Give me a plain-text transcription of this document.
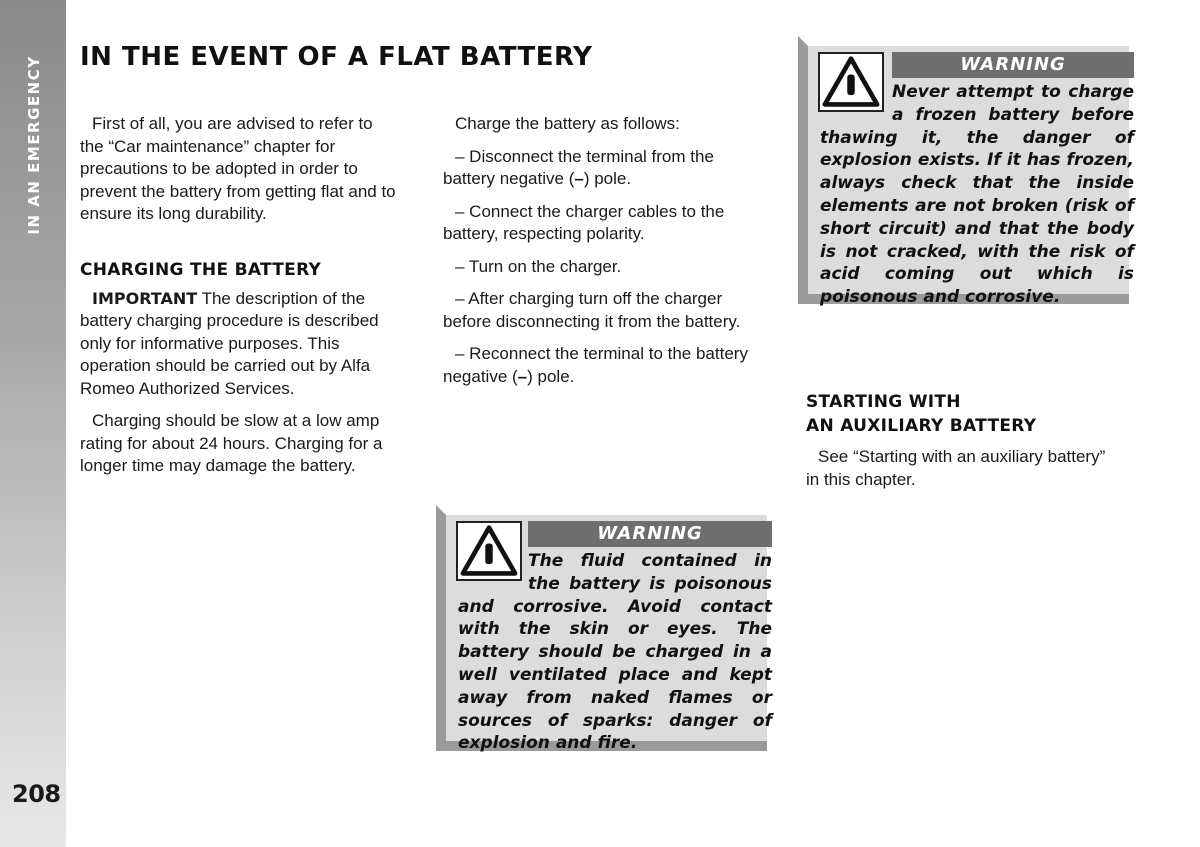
IN AN EMERGENCY
208
IN THE EVENT OF A FLAT BATTERY

First of all, you are advised to refer to the “Car maintenance” chapter for precautions to be adopted in order to prevent the battery from getting flat and to ensure its long durability.

CHARGING THE BATTERY

IMPORTANT The description of the battery charging procedure is described only for informative purposes. This operation should be carried out by Alfa Romeo Authorized Services.

Charging should be slow at a low amp rating for about 24 hours. Charging for a longer time may damage the battery.

Charge the battery as follows:

– Disconnect the terminal from the battery negative (–) pole.

– Connect the charger cables to the battery, respecting polarity.

– Turn on the charger.

– After charging turn off the charger before disconnecting it from the battery.

– Reconnect the terminal to the battery negative (–) pole.

WARNING
Never attempt to charge a frozen battery before thawing it, the danger of explosion exists. If it has frozen, always check that the inside elements are not broken (risk of short circuit) and that the body is not cracked, with the risk of acid coming out which is poisonous and corrosive.
WARNING
The fluid contained in the battery is poisonous and corrosive. Avoid contact with the skin or eyes. The battery should be charged in a well ventilated place and kept away from naked flames or sources of sparks: danger of explosion and fire.
STARTING WITH
AN AUXILIARY BATTERY

See “Starting with an auxiliary battery” in this chapter.
